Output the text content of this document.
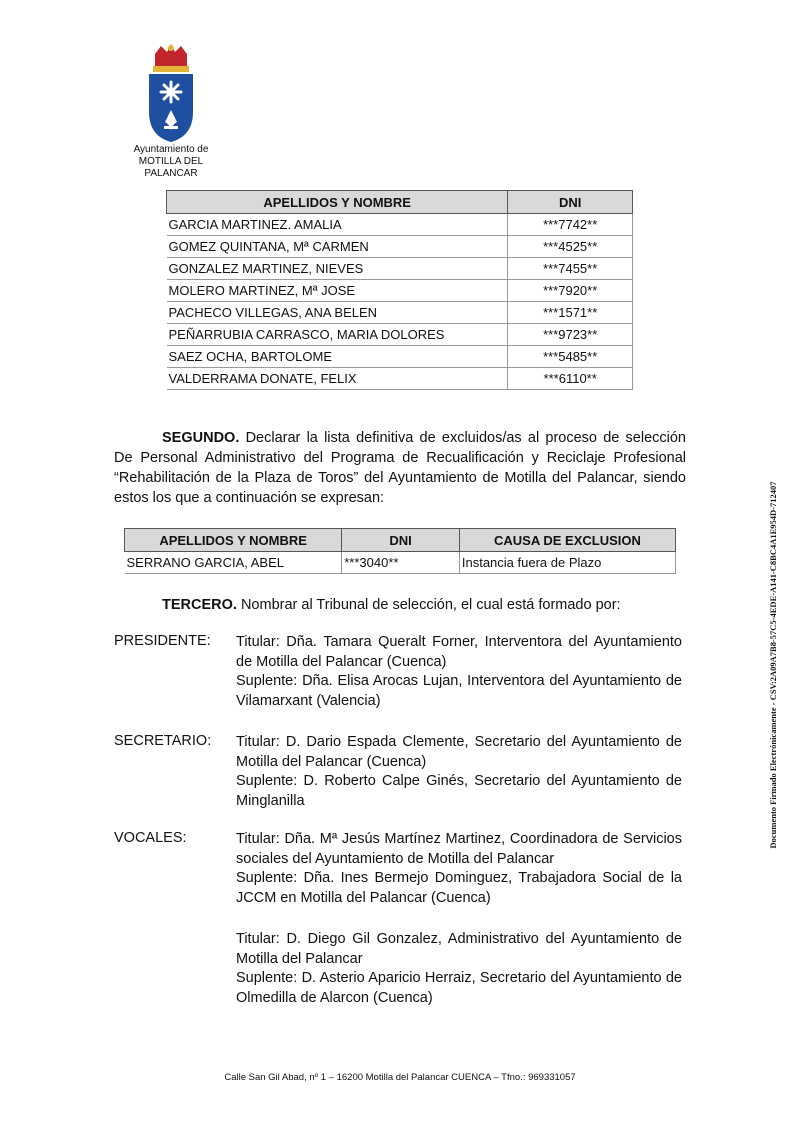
Ayuntamiento de
MOTILLA DEL PALANCAR
APELLIDOS Y NOMBRE	DNI
GARCIA MARTINEZ. AMALIA	***7742**
GOMEZ QUINTANA, Mª CARMEN	***4525**
GONZALEZ MARTINEZ, NIEVES	***7455**
MOLERO MARTINEZ, Mª JOSE	***7920**
PACHECO VILLEGAS, ANA BELEN	***1571**
PEÑARRUBIA CARRASCO, MARIA DOLORES	***9723**
SAEZ OCHA, BARTOLOME	***5485**
VALDERRAMA DONATE, FELIX	***6110**
SEGUNDO. Declarar la lista definitiva de excluidos/as al proceso de selección De Personal Administrativo del Programa de Recualificación y Reciclaje Profesional “Rehabilitación de la Plaza de Toros” del Ayuntamiento de Motilla del Palancar, siendo estos los que a continuación se expresan:
APELLIDOS Y NOMBRE	DNI	CAUSA DE EXCLUSION
SERRANO GARCIA, ABEL	***3040**	Instancia fuera de Plazo
TERCERO. Nombrar al Tribunal de selección, el cual está formado por:
PRESIDENTE: Titular: Dña. Tamara Queralt Forner, Interventora del Ayuntamiento de Motilla del Palancar (Cuenca)
Suplente: Dña. Elisa Arocas Lujan, Interventora del Ayuntamiento de Vilamarxant (Valencia)
SECRETARIO: Titular: D. Dario Espada Clemente, Secretario del Ayuntamiento de Motilla del Palancar (Cuenca)
Suplente: D. Roberto Calpe Ginés, Secretario del Ayuntamiento de Minglanilla
VOCALES:	Titular: Dña. Mª Jesús Martínez Martinez, Coordinadora de Servicios sociales del Ayuntamiento de Motilla del Palancar
Suplente: Dña. Ines Bermejo Dominguez, Trabajadora Social de la JCCM en Motilla del Palancar (Cuenca)
Titular: D. Diego Gil Gonzalez, Administrativo del Ayuntamiento de Motilla del Palancar
Suplente: D. Asterio Aparicio Herraiz, Secretario del Ayuntamiento de Olmedilla de Alarcon (Cuenca)
Calle San Gil Abad, nº 1 – 16200 Motilla del Palancar CUENCA – Tfno.: 969331057
Documento Firmado Electrónicamente - CSV:2A09A7B8-57C5-4EDE-A141-C8BC4A1E954D-712407
